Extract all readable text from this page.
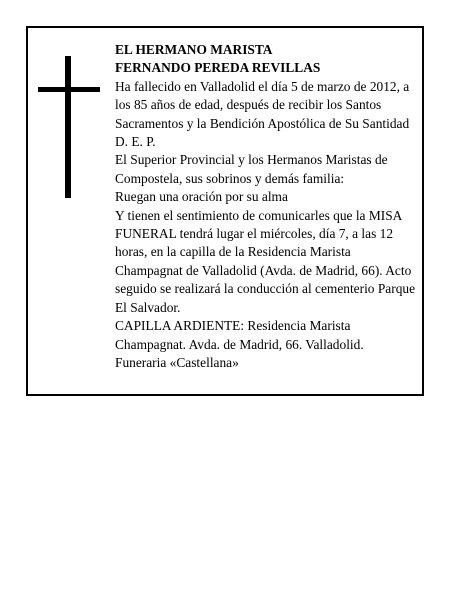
EL HERMANO MARISTA

FERNANDO PEREDA REVILLAS

Ha fallecido en Valladolid el día 5 de marzo de 2012, a los 85 años de edad, después de recibir los Santos Sacramentos y la Bendición Apostólica de Su Santidad D. E. P.

El Superior Provincial y los Hermanos Maristas de Compostela, sus sobrinos y demás familia:

Ruegan una oración por su alma

Y tienen el sentimiento de comunicarles que la MISA FUNERAL tendrá lugar el miércoles, día 7, a las 12 horas, en la capilla de la Residencia Marista Champagnat de Valladolid (Avda. de Madrid, 66). Acto seguido se realizará la conducción al cementerio Parque El Salvador.

CAPILLA ARDIENTE: Residencia Marista Champagnat. Avda. de Madrid, 66. Valladolid.

Funeraria «Castellana»
